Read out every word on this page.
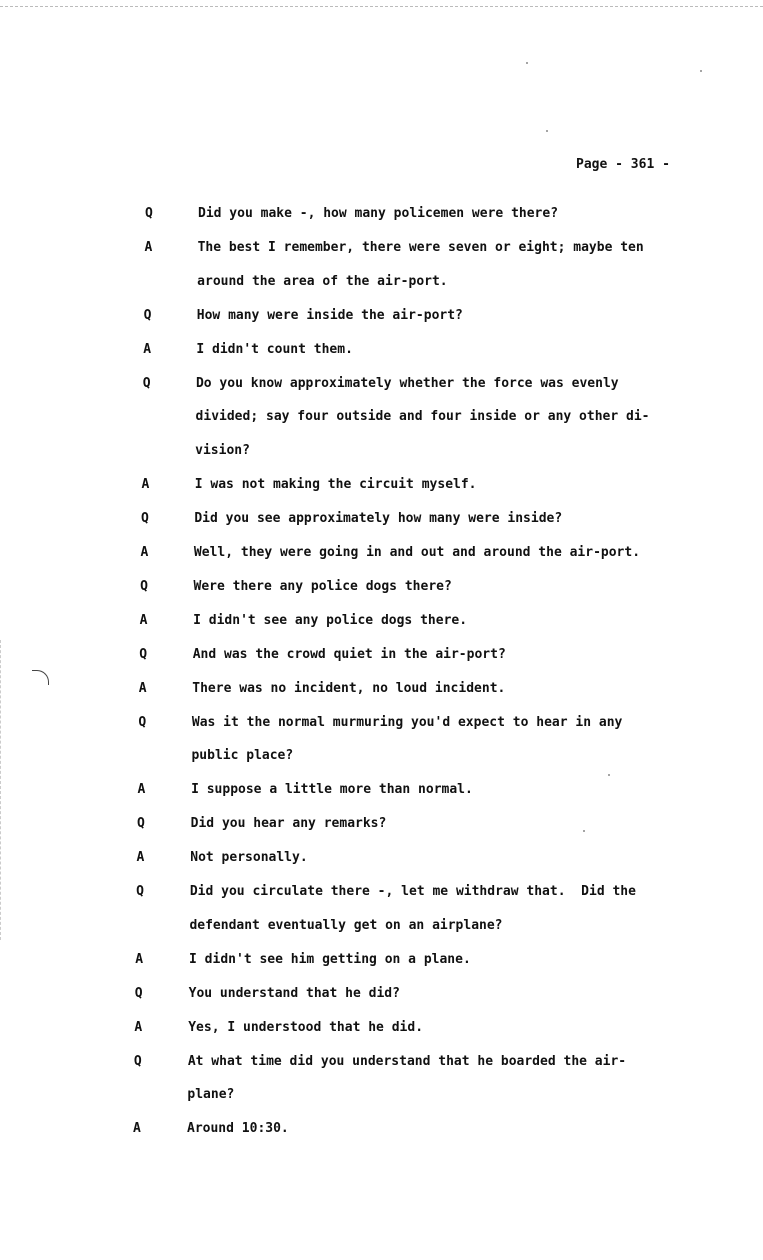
Page - 361 -
Q	Did you make -, how many policemen were there?
A	The best I remember, there were seven or eight; maybe ten
around the area of the air-port.
Q	How many were inside the air-port?
A	I didn't count them.
Q	Do you know approximately whether the force was evenly
divided; say four outside and four inside or any other di-
vision?
A	I was not making the circuit myself.
Q	Did you see approximately how many were inside?
A	Well, they were going in and out and around the air-port.
Q	Were there any police dogs there?
A	I didn't see any police dogs there.
Q	And was the crowd quiet in the air-port?
A	There was no incident, no loud incident.
Q	Was it the normal murmuring you'd expect to hear in any
public place?
A	I suppose a little more than normal.
Q	Did you hear any remarks?
A	Not personally.
Q	Did you circulate there -, let me withdraw that.  Did the
defendant eventually get on an airplane?
A	I didn't see him getting on a plane.
Q	You understand that he did?
A	Yes, I understood that he did.
Q	At what time did you understand that he boarded the air-
plane?
A	Around 10:30.
